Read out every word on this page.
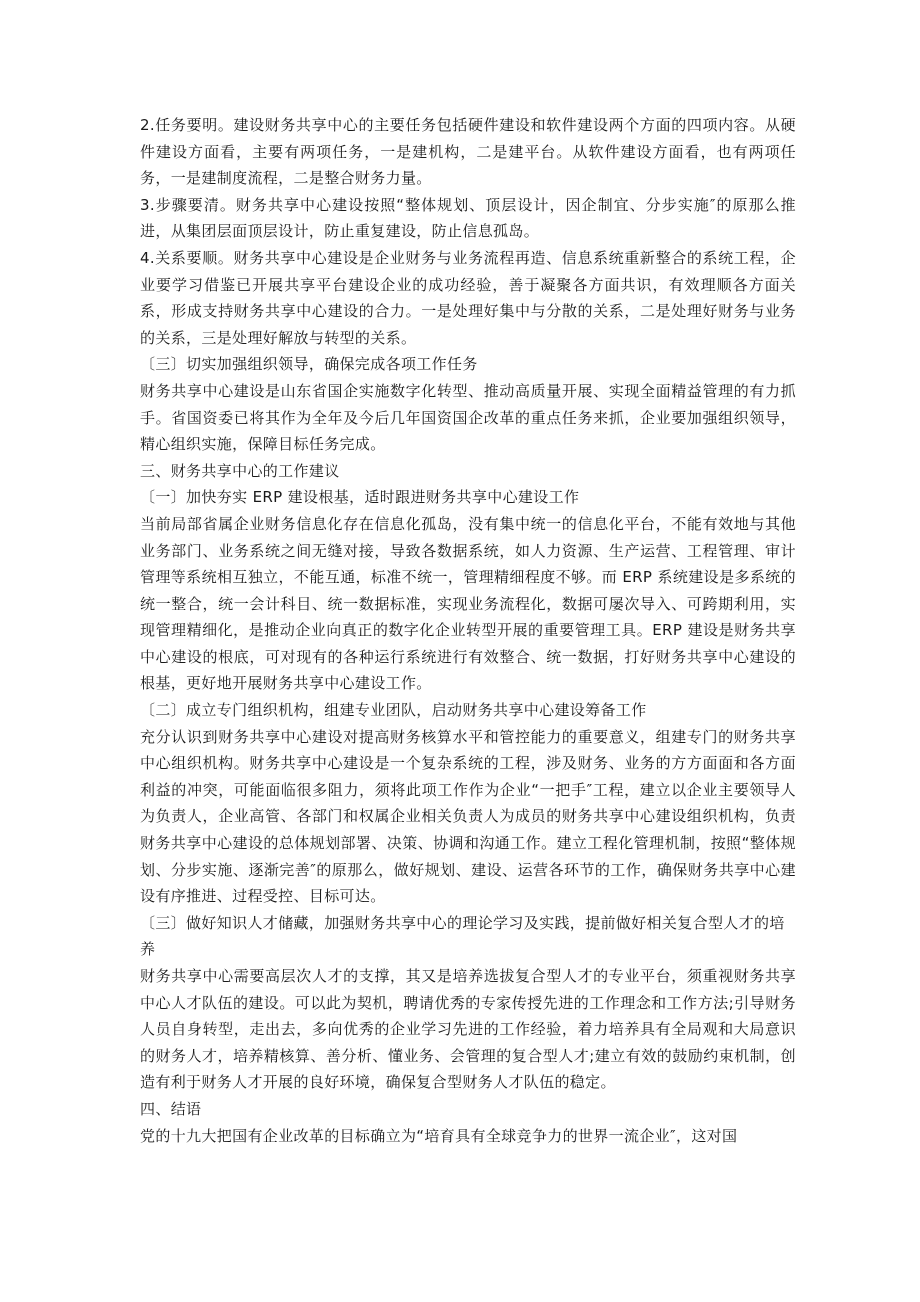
2.任务要明。建设财务共享中心的主要任务包括硬件建设和软件建设两个方面的四项内容。从硬件建设方面看，主要有两项任务，一是建机构，二是建平台。从软件建设方面看，也有两项任务，一是建制度流程，二是整合财务力量。

3.步骤要清。财务共享中心建设按照“整体规划、顶层设计，因企制宜、分步实施″的原那么推进，从集团层面顶层设计，防止重复建设，防止信息孤岛。

4.关系要顺。财务共享中心建设是企业财务与业务流程再造、信息系统重新整合的系统工程，企业要学习借鉴已开展共享平台建设企业的成功经验，善于凝聚各方面共识，有效理顺各方面关系，形成支持财务共享中心建设的合力。一是处理好集中与分散的关系，二是处理好财务与业务的关系，三是处理好解放与转型的关系。

〔三〕切实加强组织领导，确保完成各项工作任务

财务共享中心建设是山东省国企实施数字化转型、推动高质量开展、实现全面精益管理的有力抓手。省国资委已将其作为全年及今后几年国资国企改革的重点任务来抓，企业要加强组织领导，精心组织实施，保障目标任务完成。

三、财务共享中心的工作建议

〔一〕加快夯实 ERP 建设根基，适时跟进财务共享中心建设工作

当前局部省属企业财务信息化存在信息化孤岛，没有集中统一的信息化平台，不能有效地与其他业务部门、业务系统之间无缝对接，导致各数据系统，如人力资源、生产运营、工程管理、审计管理等系统相互独立，不能互通，标准不统一，管理精细程度不够。而 ERP 系统建设是多系统的统一整合，统一会计科目、统一数据标准，实现业务流程化，数据可屡次导入、可跨期利用，实现管理精细化，是推动企业向真正的数字化企业转型开展的重要管理工具。ERP 建设是财务共享中心建设的根底，可对现有的各种运行系统进行有效整合、统一数据，打好财务共享中心建设的根基，更好地开展财务共享中心建设工作。

〔二〕成立专门组织机构，组建专业团队，启动财务共享中心建设筹备工作

充分认识到财务共享中心建设对提高财务核算水平和管控能力的重要意义，组建专门的财务共享中心组织机构。财务共享中心建设是一个复杂系统的工程，涉及财务、业务的方方面面和各方面利益的冲突，可能面临很多阻力，须将此项工作作为企业“一把手″工程，建立以企业主要领导人为负责人，企业高管、各部门和权属企业相关负责人为成员的财务共享中心建设组织机构，负责财务共享中心建设的总体规划部署、决策、协调和沟通工作。建立工程化管理机制，按照“整体规划、分步实施、逐渐完善″的原那么，做好规划、建设、运营各环节的工作，确保财务共享中心建设有序推进、过程受控、目标可达。

〔三〕做好知识人才储藏，加强财务共享中心的理论学习及实践，提前做好相关复合型人才的培养

财务共享中心需要高层次人才的支撑，其又是培养选拔复合型人才的专业平台，须重视财务共享中心人才队伍的建设。可以此为契机，聘请优秀的专家传授先进的工作理念和工作方法;引导财务人员自身转型，走出去，多向优秀的企业学习先进的工作经验，着力培养具有全局观和大局意识的财务人才，培养精核算、善分析、懂业务、会管理的复合型人才;建立有效的鼓励约束机制，创造有利于财务人才开展的良好环境，确保复合型财务人才队伍的稳定。

四、结语

党的十九大把国有企业改革的目标确立为“培育具有全球竞争力的世界一流企业″，这对国
